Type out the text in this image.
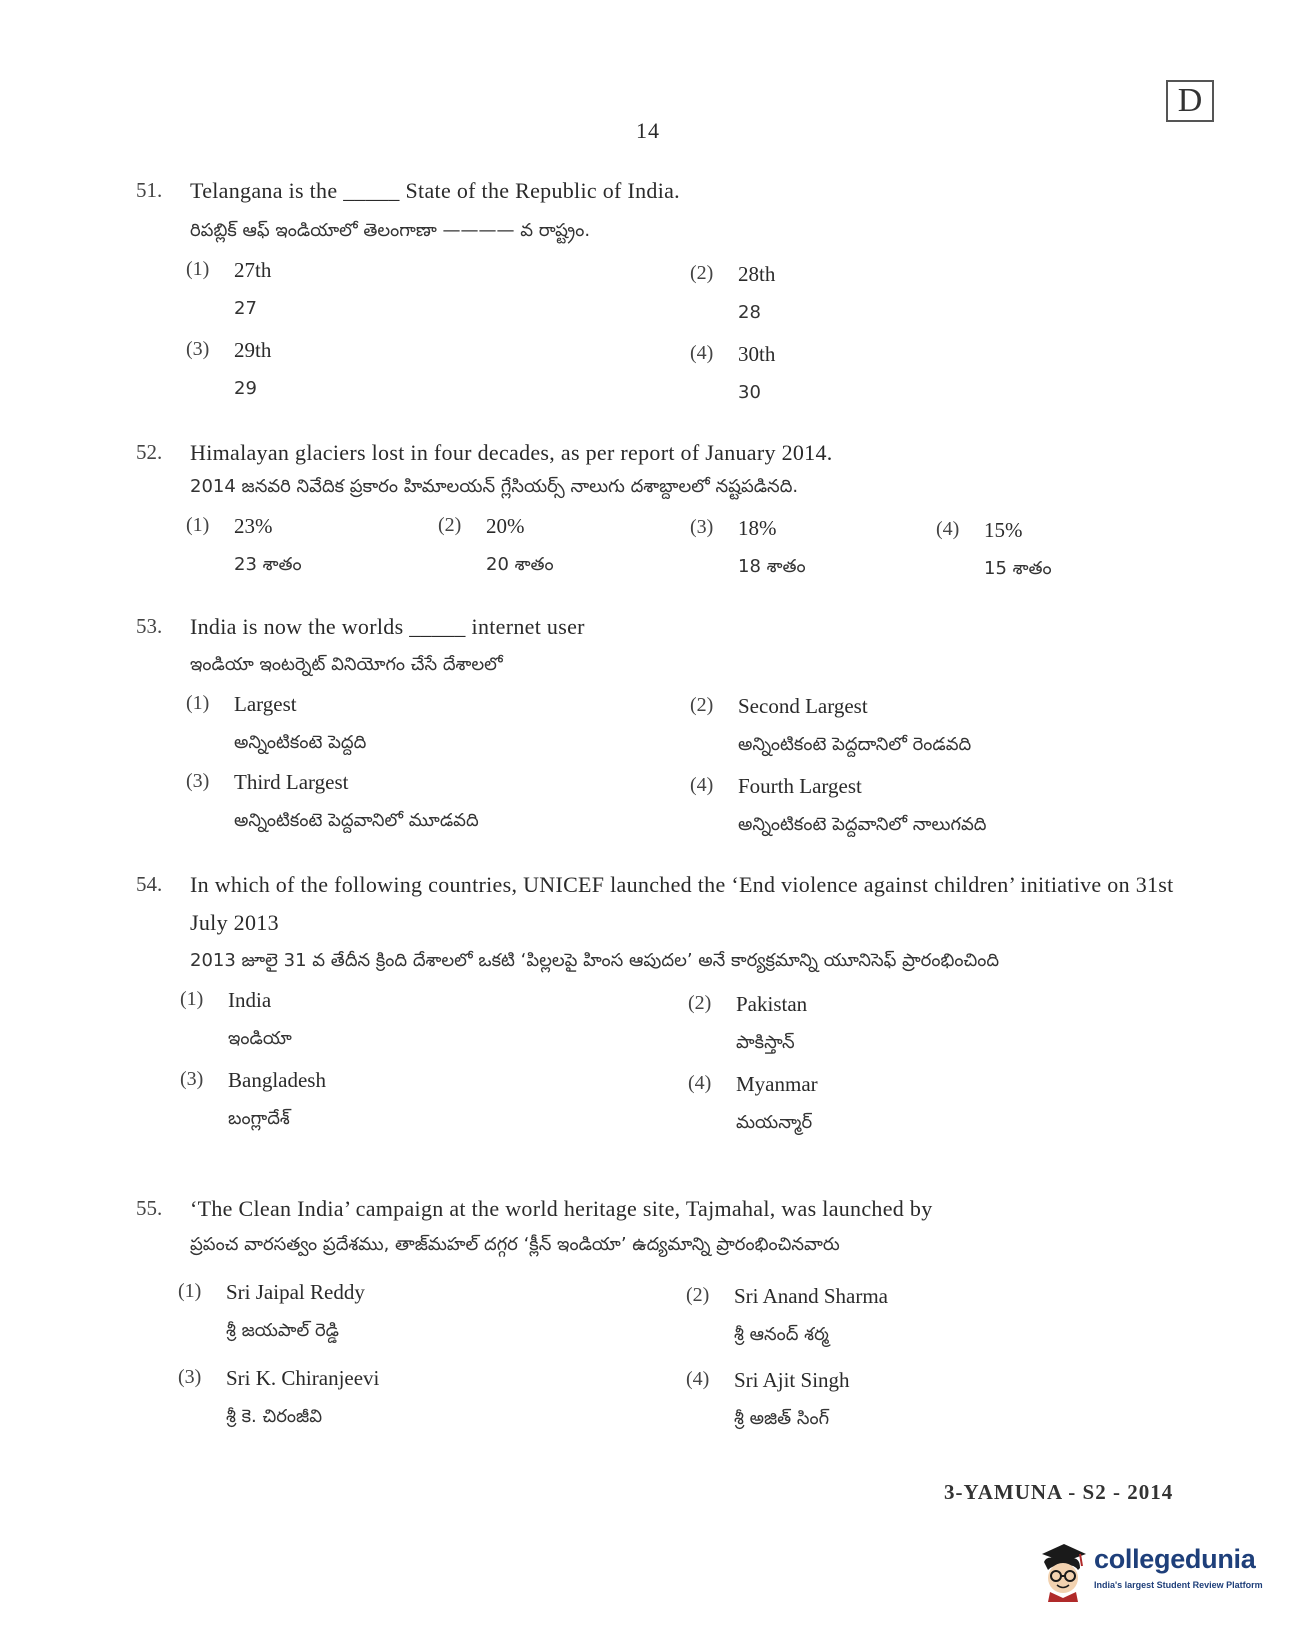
D
14
51. Telangana is the _____ State of the Republic of India.
రిపబ్లిక్ ఆఫ్ ఇండియాలో తెలంగాణా ———— వ రాష్ట్రం.
(1) 27th
27
(2) 28th
28
(3) 29th
29
(4) 30th
30
52. Himalayan glaciers lost in four decades, as per report of January 2014.
2014 జనవరి నివేదిక ప్రకారం హిమాలయన్ గ్లేసియర్స్ నాలుగు దశాబ్దాలలో నష్టపడినది.
(1) 23%
23 శాతం
(2) 20%
20 శాతం
(3) 18%
18 శాతం
(4) 15%
15 శాతం
53. India is now the worlds _____ internet user
ఇండియా ఇంటర్నెట్ వినియోగం చేసే దేశాలలో
(1) Largest
అన్నింటికంటె పెద్దది
(2) Second Largest
అన్నింటికంటె పెద్దదానిలో రెండవది
(3) Third Largest
అన్నింటికంటె పెద్దవానిలో మూడవది
(4) Fourth Largest
అన్నింటికంటె పెద్దవానిలో నాలుగవది
54. In which of the following countries, UNICEF launched the ‘End violence against children’ initiative on 31st July 2013
2013 జూలై 31 వ తేదీన క్రింది దేశాలలో ఒకటి ‘పిల్లలపై హింస ఆపుదల’ అనే కార్యక్రమాన్ని యూనిసెఫ్ ప్రారంభించింది
(1) India
ఇండియా
(2) Pakistan
పాకిస్తాన్
(3) Bangladesh
బంగ్లాదేశ్
(4) Myanmar
మయన్మార్
55. ‘The Clean India’ campaign at the world heritage site, Tajmahal, was launched by
ప్రపంచ వారసత్వం ప్రదేశము, తాజ్‌మహల్ దగ్గర ‘క్లీన్ ఇండియా’ ఉద్యమాన్ని ప్రారంభించినవారు
(1) Sri Jaipal Reddy
శ్రీ జయపాల్ రెడ్డి
(2) Sri Anand Sharma
శ్రీ ఆనంద్ శర్మ
(3) Sri K. Chiranjeevi
శ్రీ కె. చిరంజీవి
(4) Sri Ajit Singh
శ్రీ అజిత్ సింగ్
3-YAMUNA - S2 - 2014
collegedunia
India's largest Student Review Platform
